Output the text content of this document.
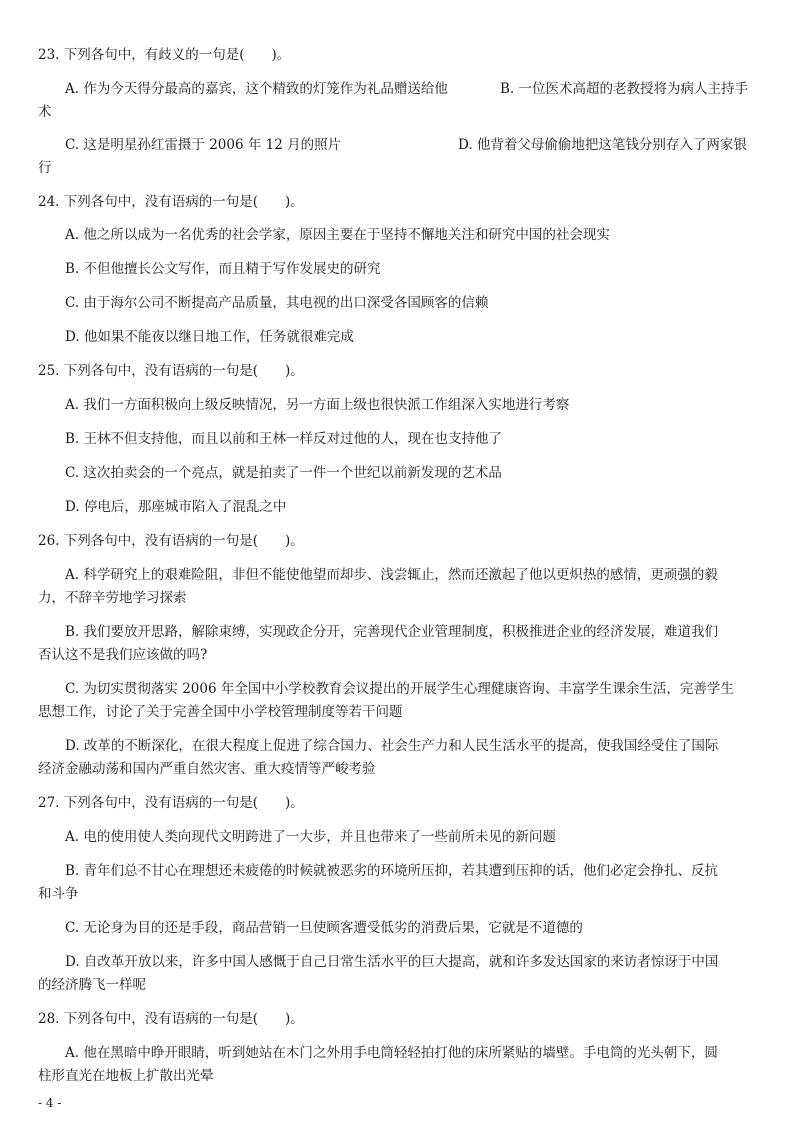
23. 下列各句中，有歧义的一句是(　　)。
A. 作为今天得分最高的嘉宾，这个精致的灯笼作为礼品赠送给他	B. 一位医术高超的老教授将为病人主持手
术
C. 这是明星孙红雷摄于 2006 年 12 月的照片	D. 他背着父母偷偷地把这笔钱分别存入了两家银
行
24. 下列各句中，没有语病的一句是(　　)。
A. 他之所以成为一名优秀的社会学家，原因主要在于坚持不懈地关注和研究中国的社会现实
B. 不但他擅长公文写作，而且精于写作发展史的研究
C. 由于海尔公司不断提高产品质量，其电视的出口深受各国顾客的信赖
D. 他如果不能夜以继日地工作，任务就很难完成
25. 下列各句中，没有语病的一句是(　　)。
A. 我们一方面积极向上级反映情况，另一方面上级也很快派工作组深入实地进行考察
B. 王林不但支持他，而且以前和王林一样反对过他的人，现在也支持他了
C. 这次拍卖会的一个亮点，就是拍卖了一件一个世纪以前新发现的艺术品
D. 停电后，那座城市陷入了混乱之中
26. 下列各句中，没有语病的一句是(　　)。
A. 科学研究上的艰难险阻，非但不能使他望而却步、浅尝辄止，然而还激起了他以更炽热的感情，更顽强的毅
力，不辞辛劳地学习探索
B. 我们要放开思路，解除束缚，实现政企分开，完善现代企业管理制度，积极推进企业的经济发展，难道我们
否认这不是我们应该做的吗?
C. 为切实贯彻落实 2006 年全国中小学校教育会议提出的开展学生心理健康咨询、丰富学生课余生活，完善学生
思想工作，讨论了关于完善全国中小学校管理制度等若干问题
D. 改革的不断深化，在很大程度上促进了综合国力、社会生产力和人民生活水平的提高，使我国经受住了国际
经济金融动荡和国内严重自然灾害、重大疫情等严峻考验
27. 下列各句中，没有语病的一句是(　　)。
A. 电的使用使人类向现代文明跨进了一大步，并且也带来了一些前所未见的新问题
B. 青年们总不甘心在理想还未疲倦的时候就被恶劣的环境所压抑，若其遭到压抑的话，他们必定会挣扎、反抗
和斗争
C. 无论身为目的还是手段，商品营销一旦使顾客遭受低劣的消费后果，它就是不道德的
D. 自改革开放以来，许多中国人感慨于自己日常生活水平的巨大提高，就和许多发达国家的来访者惊讶于中国
的经济腾飞一样呢
28. 下列各句中，没有语病的一句是(　　)。
A. 他在黑暗中睁开眼睛，听到她站在木门之外用手电筒轻轻拍打他的床所紧贴的墙壁。手电筒的光头朝下，圆
柱形直光在地板上扩散出光晕
- 4 -
